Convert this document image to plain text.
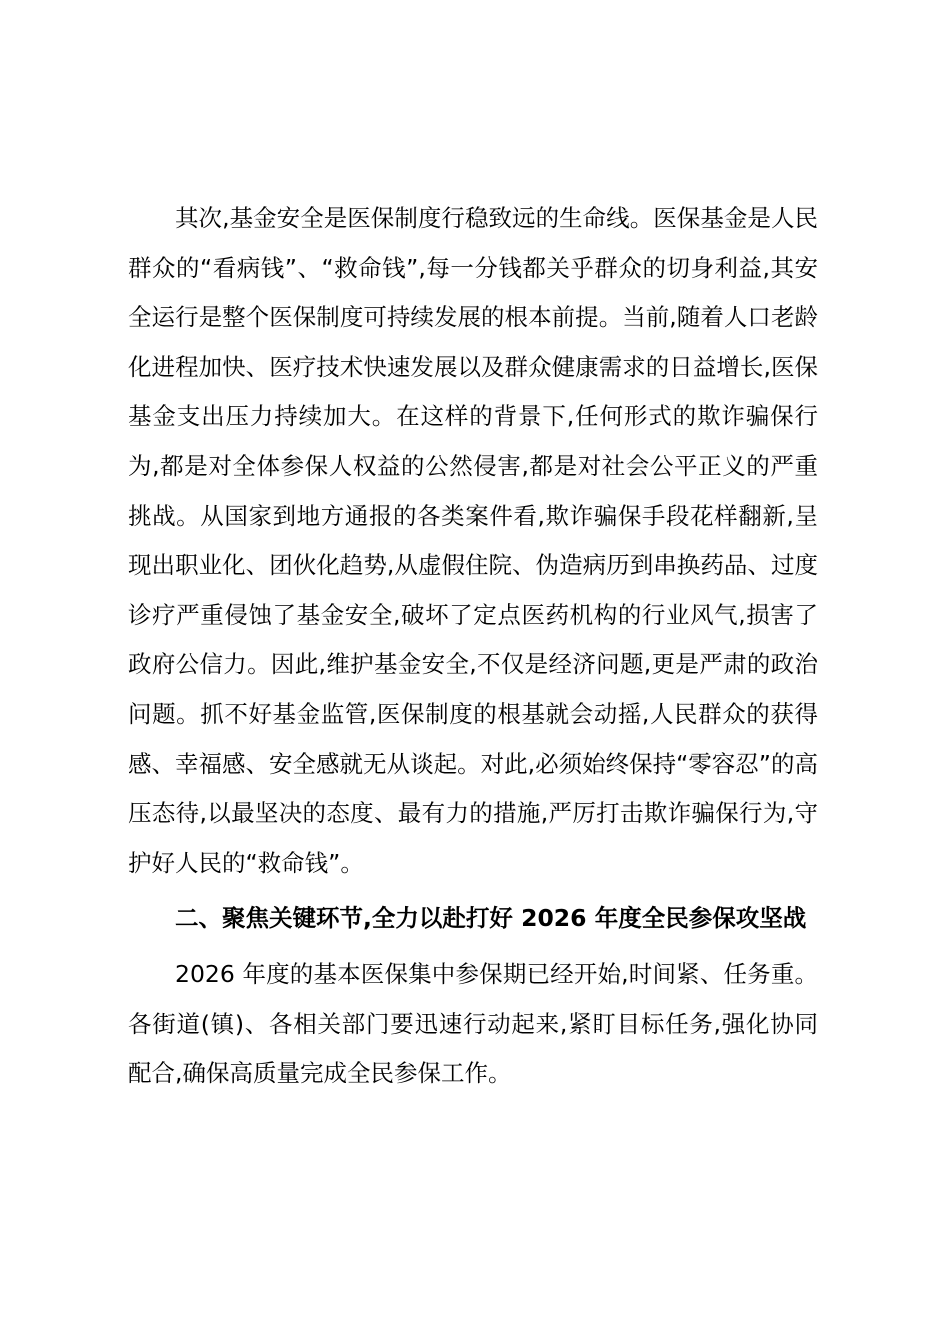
其次,基金安全是医保制度行稳致远的生命线。医保基金是人民群众的“看病钱”、“救命钱”,每一分钱都关乎群众的切身利益,其安全运行是整个医保制度可持续发展的根本前提。当前,随着人口老龄化进程加快、医疗技术快速发展以及群众健康需求的日益增长,医保基金支出压力持续加大。在这样的背景下,任何形式的欺诈骗保行为,都是对全体参保人权益的公然侵害,都是对社会公平正义的严重挑战。从国家到地方通报的各类案件看,欺诈骗保手段花样翻新,呈现出职业化、团伙化趋势,从虚假住院、伪造病历到串换药品、过度诊疗严重侵蚀了基金安全,破坏了定点医药机构的行业风气,损害了政府公信力。因此,维护基金安全,不仅是经济问题,更是严肃的政治问题。抓不好基金监管,医保制度的根基就会动摇,人民群众的获得感、幸福感、安全感就无从谈起。对此,必须始终保持“零容忍”的高压态待,以最坚决的态度、最有力的措施,严厉打击欺诈骗保行为,守护好人民的“救命钱”。

二、聚焦关键环节,全力以赴打好 2026 年度全民参保攻坚战

2026 年度的基本医保集中参保期已经开始,时间紧、任务重。各街道(镇)、各相关部门要迅速行动起来,紧盯目标任务,强化协同配合,确保高质量完成全民参保工作。
